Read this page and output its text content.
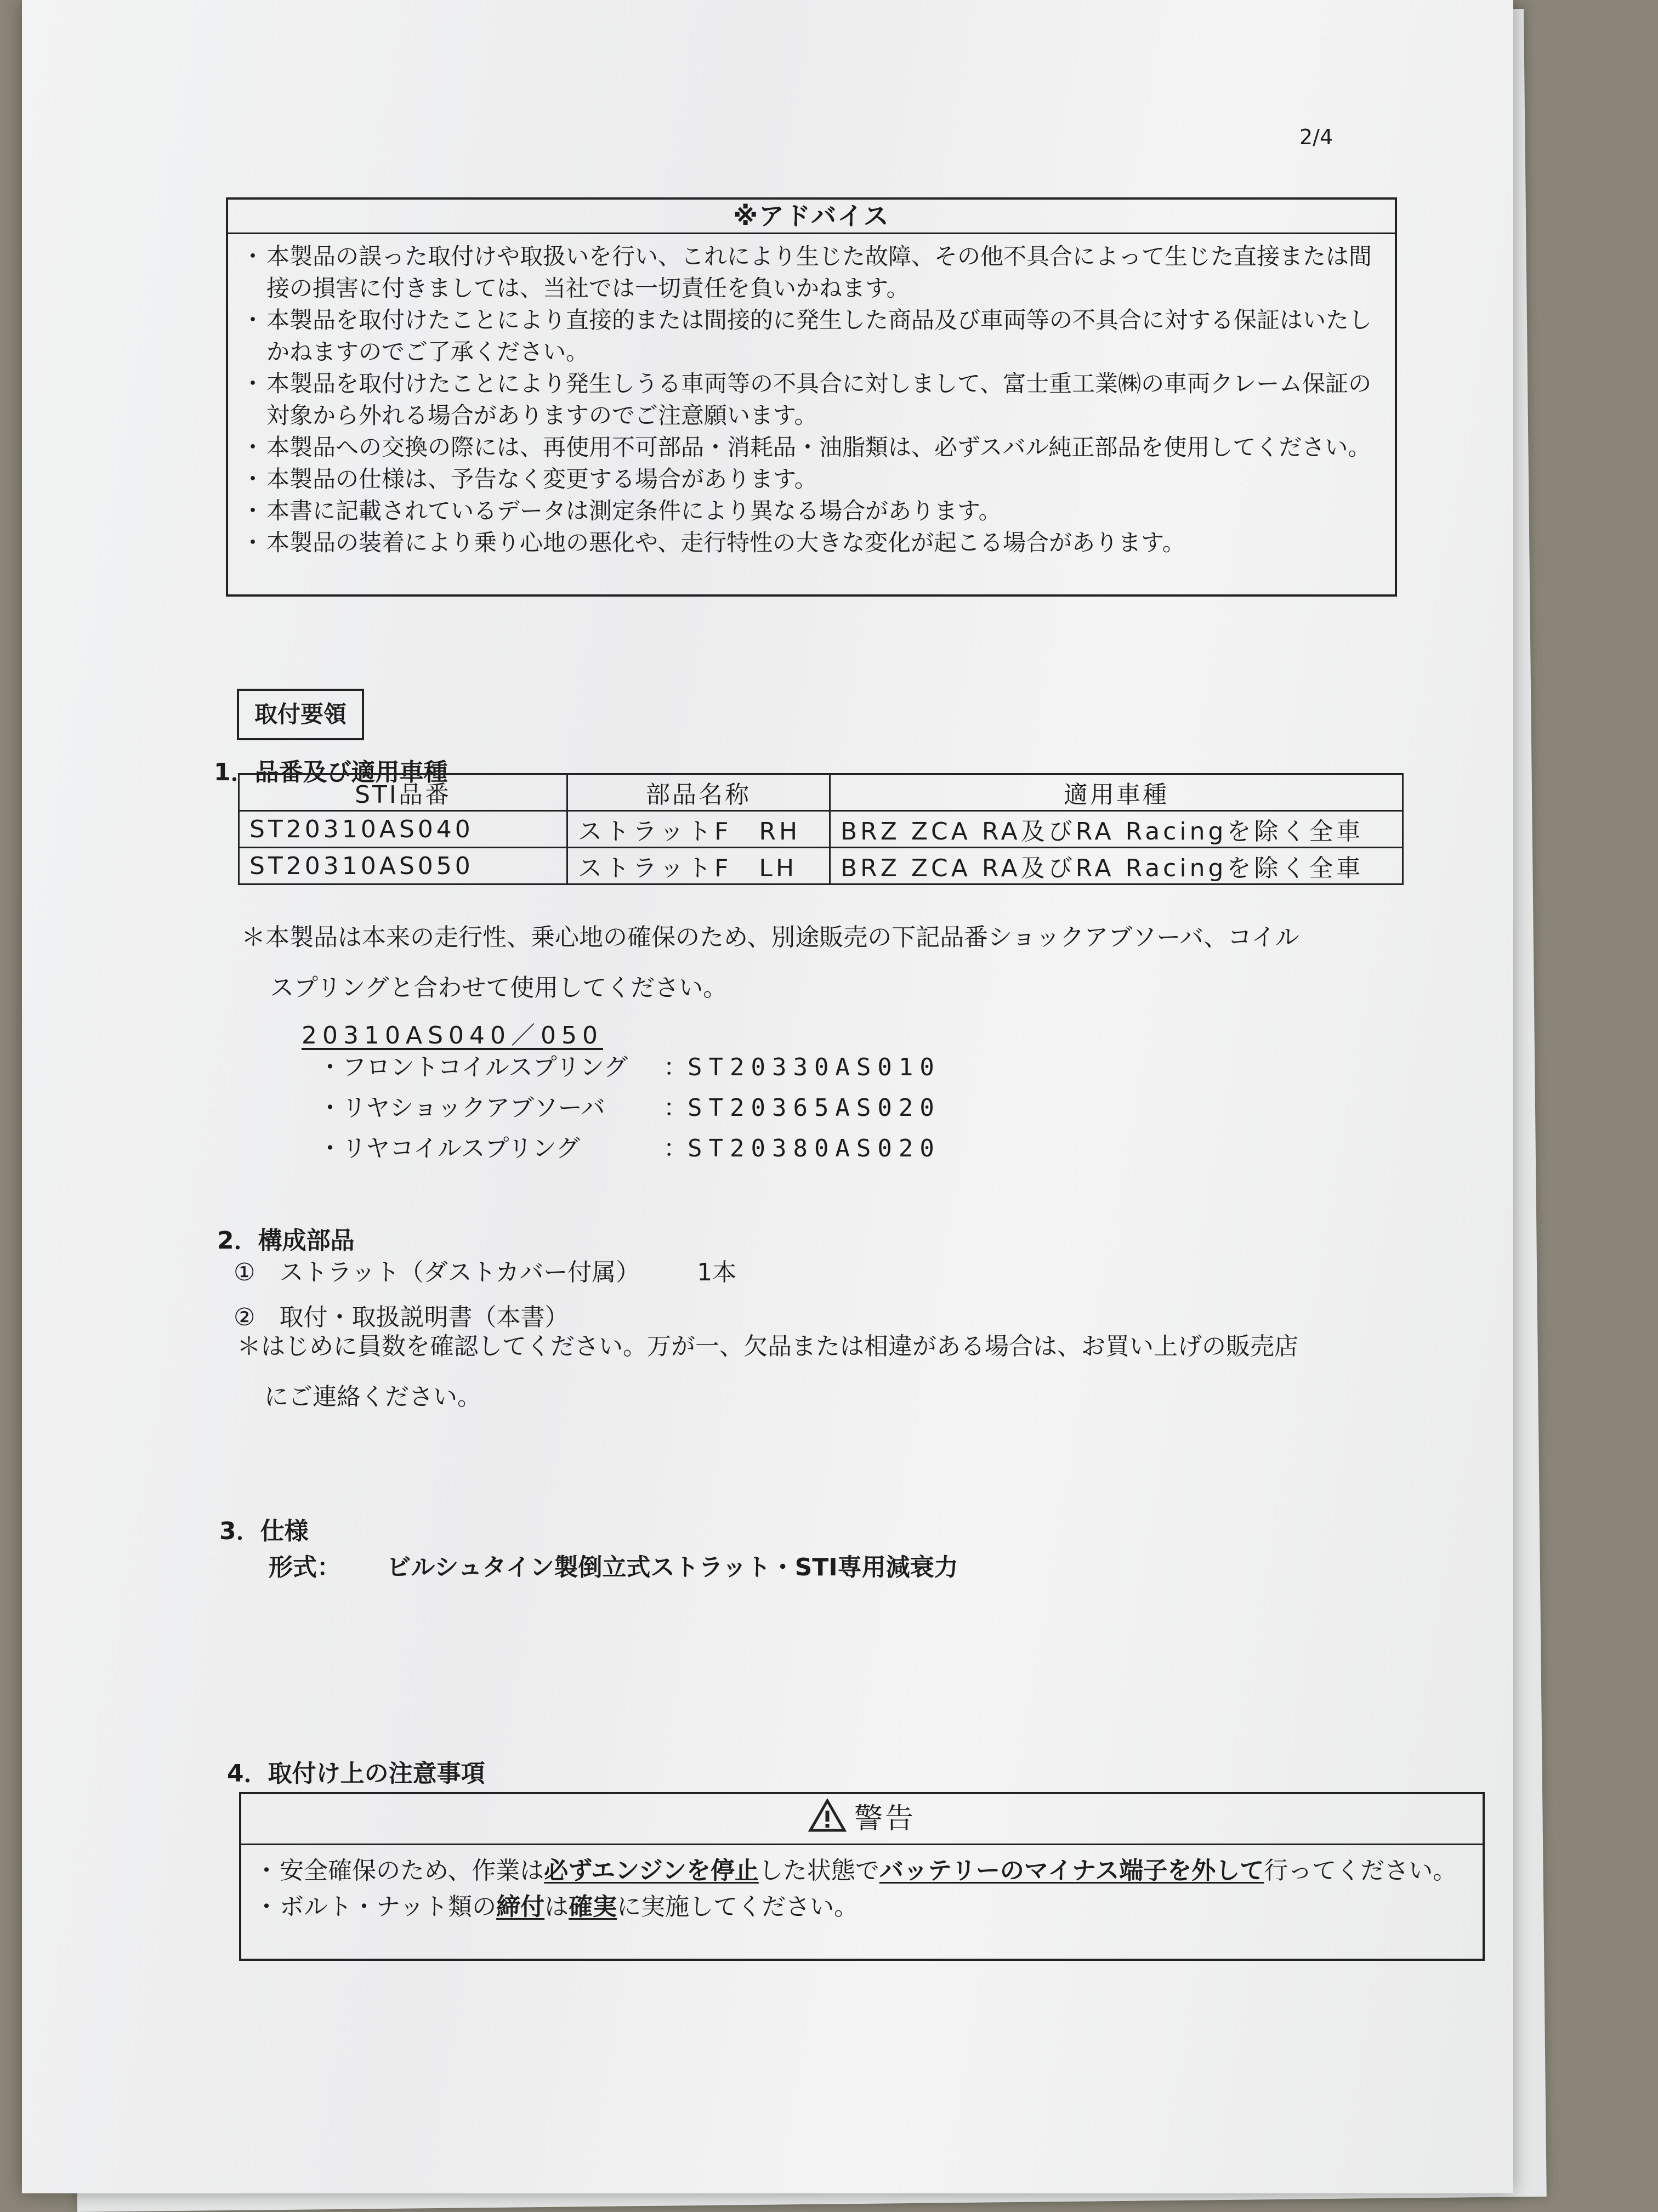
2/4
※アドバイス
・ 本製品の誤った取付けや取扱いを行い、これにより生じた故障、その他不具合によって生じた直接または間接の損害に付きましては、当社では一切責任を負いかねます。
・ 本製品を取付けたことにより直接的または間接的に発生した商品及び車両等の不具合に対する保証はいたしかねますのでご了承ください。
・ 本製品を取付けたことにより発生しうる車両等の不具合に対しまして、富士重工業㈱の車両クレーム保証の対象から外れる場合がありますのでご注意願います。
・ 本製品への交換の際には、再使用不可部品・消耗品・油脂類は、必ずスバル純正部品を使用してください。
・ 本製品の仕様は、予告なく変更する場合があります。
・ 本書に記載されているデータは測定条件により異なる場合があります。
・ 本製品の装着により乗り心地の悪化や、走行特性の大きな変化が起こる場合があります。
取付要領
1．品番及び適用車種
STI品番	部品名称	適用車種
ST20310AS040	ストラットF　RH	BRZ ZCA RA及びRA Racingを除く全車
ST20310AS050	ストラットF　LH	BRZ ZCA RA及びRA Racingを除く全車
＊本製品は本来の走行性、乗心地の確保のため、別途販売の下記品番ショックアブソーバ、コイル
スプリングと合わせて使用してください。
20310AS040／050
・フロントコイルスプリング ：ST20330AS010
・リヤショックアブソーバ ：ST20365AS020
・リヤコイルスプリング	：ST20380AS020
2．構成部品
①　ストラット（ダストカバー付属） 1本
②　取付・取扱説明書（本書）
＊はじめに員数を確認してください。万が一、欠品または相違がある場合は、お買い上げの販売店
にご連絡ください。
3．仕様
形式： ビルシュタイン製倒立式ストラット・STI専用減衰力
4．取付け上の注意事項
警告
・ 安全確保のため、作業は必ずエンジンを停止した状態でバッテリーのマイナス端子を外して行ってください。
・ ボルト・ナット類の締付は確実に実施してください。
